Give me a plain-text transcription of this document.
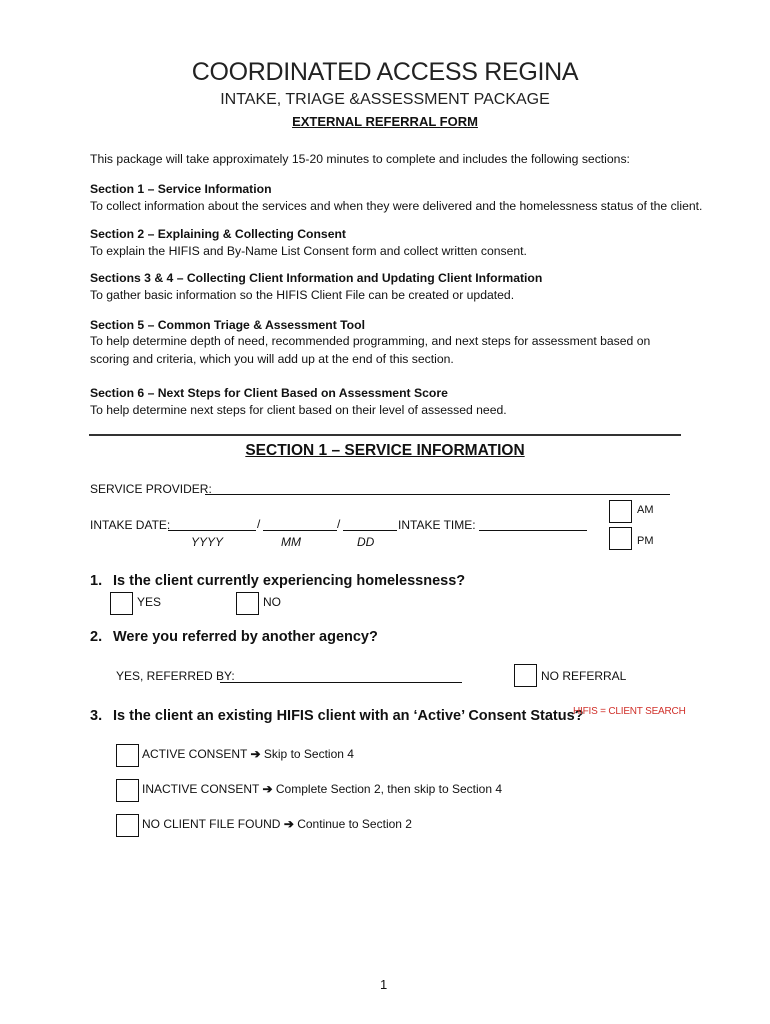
COORDINATED ACCESS REGINA
INTAKE, TRIAGE &ASSESSMENT PACKAGE
EXTERNAL REFERRAL FORM
This package will take approximately 15-20 minutes to complete and includes the following sections:
Section 1 – Service Information
To collect information about the services and when they were delivered and the homelessness status of the client.
Section 2 – Explaining & Collecting Consent
To explain the HIFIS and By-Name List Consent form and collect written consent.
Sections 3 & 4 – Collecting Client Information and Updating Client Information
To gather basic information so the HIFIS Client File can be created or updated.
Section 5 – Common Triage & Assessment Tool
To help determine depth of need, recommended programming, and next steps for assessment based on
scoring and criteria, which you will add up at the end of this section.
Section 6 – Next Steps for Client Based on Assessment Score
To help determine next steps for client based on their level of assessed need.
SECTION 1 – SERVICE INFORMATION
SERVICE PROVIDER:
INTAKE DATE:	/	/	INTAKE TIME:
YYYY	MM	DD
AM
PM
1. Is the client currently experiencing homelessness?
YES	NO
2. Were you referred by another agency?
YES, REFERRED BY:	NO REFERRAL
3. Is the client an existing HIFIS client with an ‘Active’ Consent Status?
HIFIS = CLIENT SEARCH
ACTIVE CONSENT ➔ Skip to Section 4
INACTIVE CONSENT ➔ Complete Section 2, then skip to Section 4
NO CLIENT FILE FOUND ➔ Continue to Section 2
1
